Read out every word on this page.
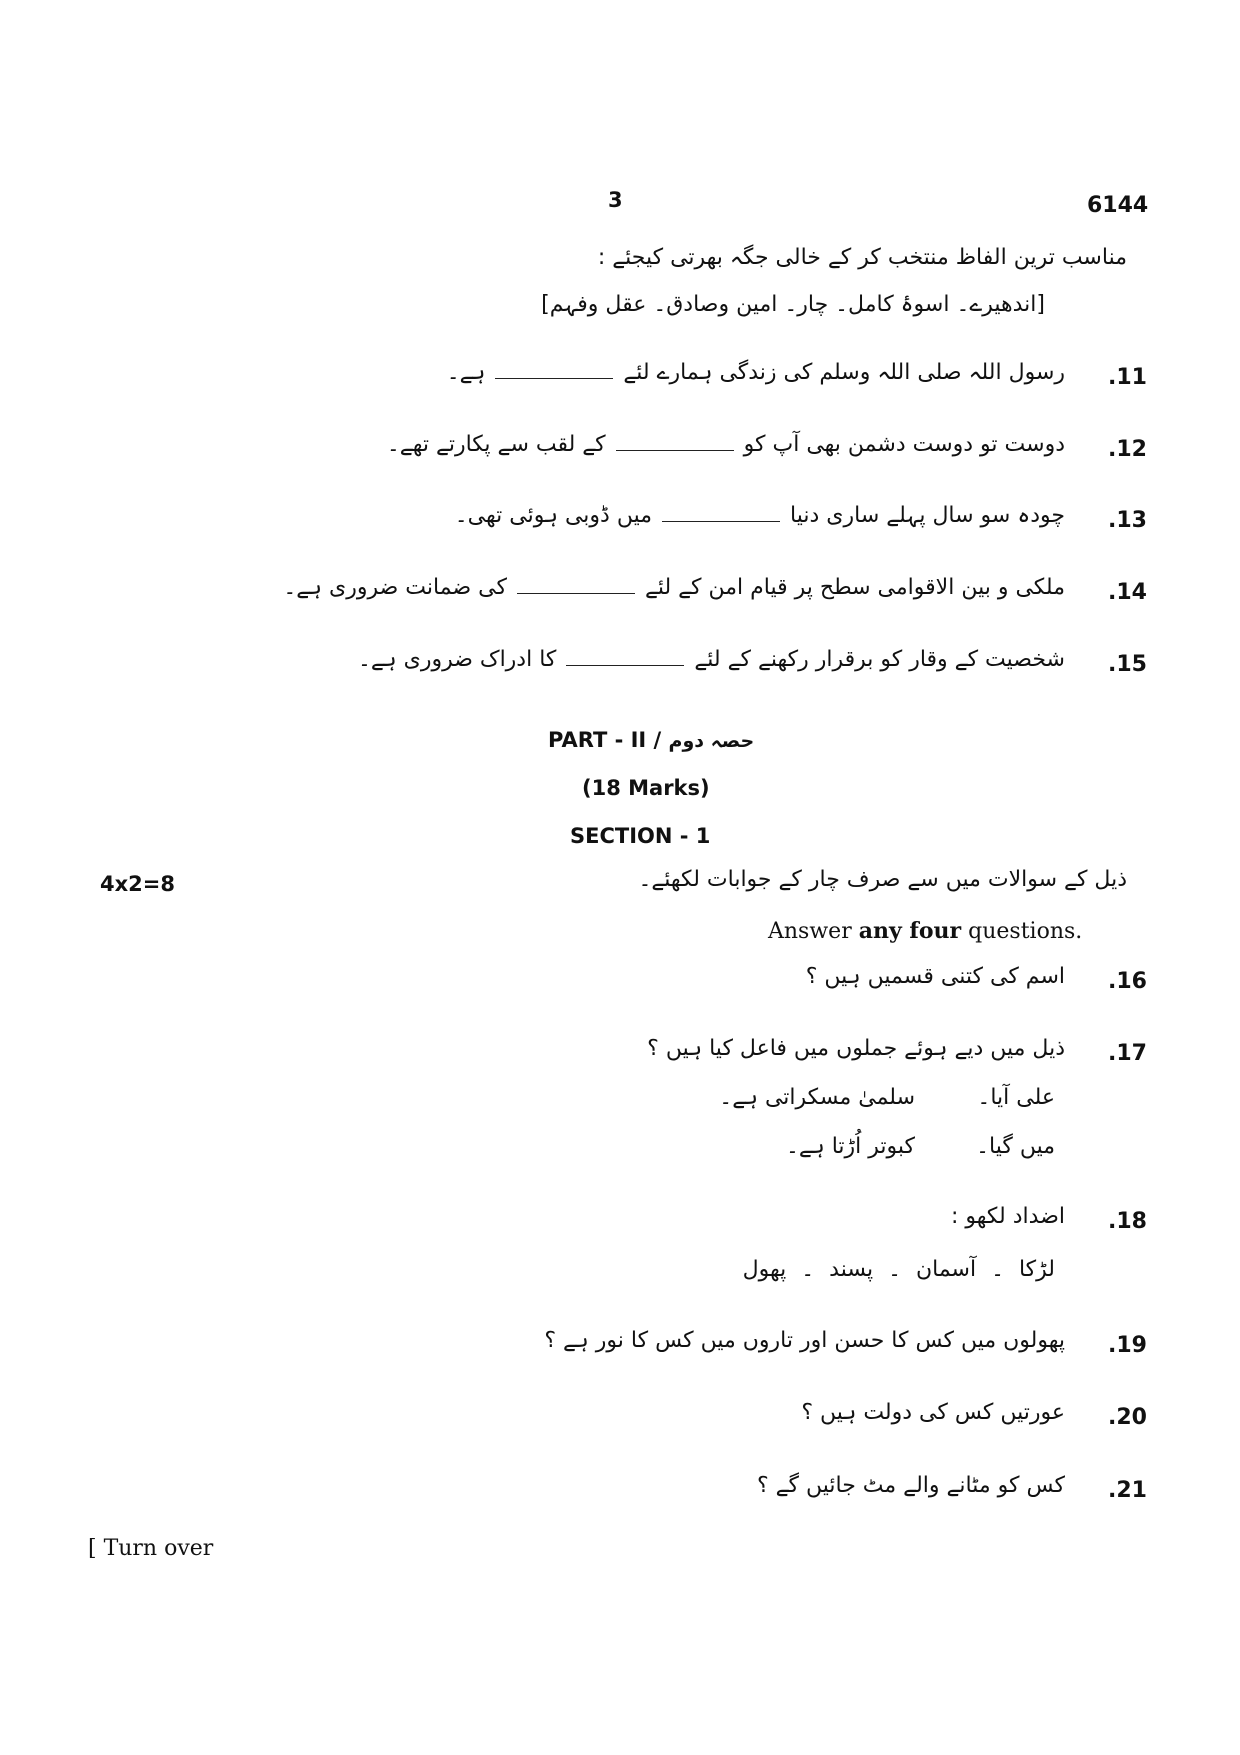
3	6144
مناسب ترین الفاظ منتخب کر کے خالی جگہ بھرتی کیجئے :
[اندھیرے۔ اسوۂ کامل۔ چار۔ امین وصادق۔ عقل وفہم]
.11
رسول اللہ صلی اللہ وسلم کی زندگی ہمارے لئےہے۔
.12
دوست تو دوست دشمن بھی آپ کوکے لقب سے پکارتے تھے۔
.13
چودہ سو سال پہلے ساری دنیامیں ڈوبی ہوئی تھی۔
.14
ملکی و بین الاقوامی سطح پر قیام امن کے لئےکی ضمانت ضروری ہے۔
.15
شخصیت کے وقار کو برقرار رکھنے کے لئےکا ادراک ضروری ہے۔
PART - II / حصہ دوم
(18 Marks)
SECTION - 1
4x2=8	ذیل کے سوالات میں سے صرف چار کے جوابات لکھئے۔
Answer any four questions.
.16
اسم کی کتنی قسمیں ہیں ؟
.17
ذیل میں دیے ہوئے جملوں میں فاعل کیا ہیں ؟
علی آیا۔
سلمیٰ مسکراتی ہے۔
میں گیا۔
کبوتر اُڑتا ہے۔
.18
اضداد لکھو :
لڑکا ۔ آسمان ۔ پسند ۔ پھول
.19
پھولوں میں کس کا حسن اور تاروں میں کس کا نور ہے ؟
.20
عورتیں کس کی دولت ہیں ؟
.21
کس کو مٹانے والے مٹ جائیں گے ؟
[ Turn over
